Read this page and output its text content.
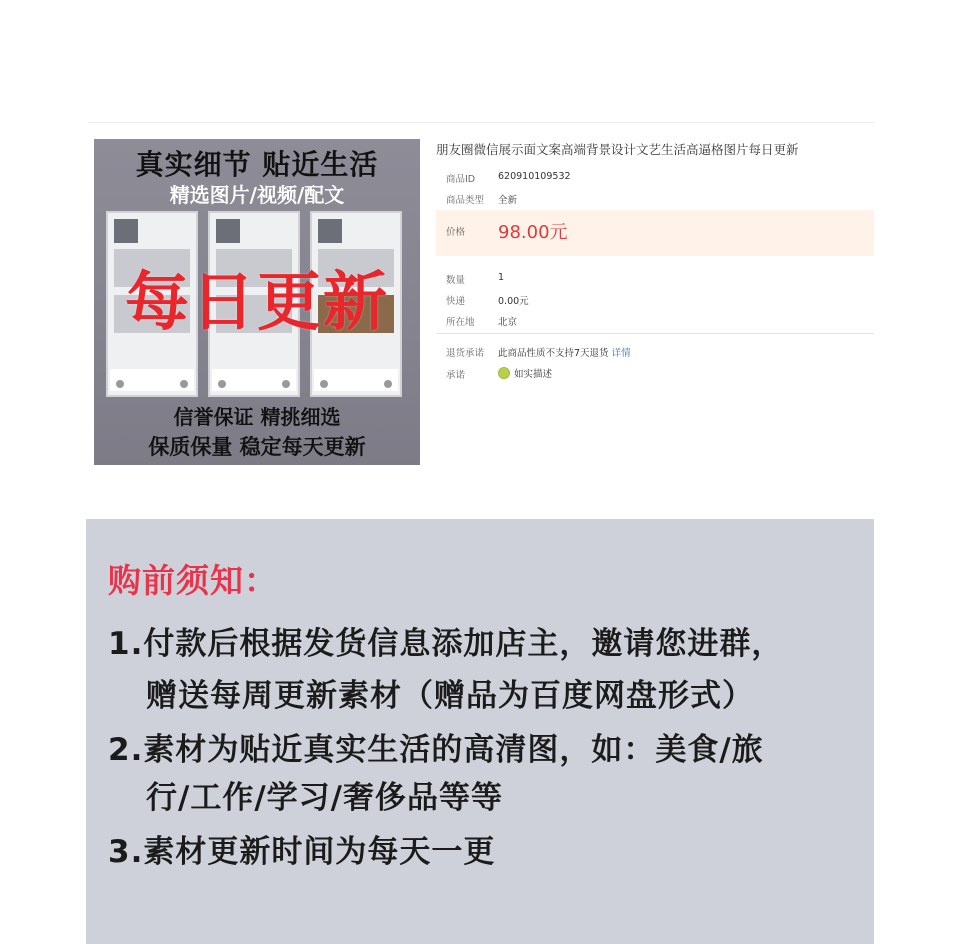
真实细节 贴近生活
精选图片/视频/配文
每日更新
信誉保证 精挑细选
保质保量 稳定每天更新
朋友圈微信展示面文案高端背景设计文艺生活高逼格图片每日更新
商品ID 620910109532
商品类型 全新
价格 98.00元
数量	1
快递	0.00元
所在地 北京
退货承诺 此商品性质不支持7天退货 详情
承诺	如实描述
购前须知：
1.付款后根据发货信息添加店主，邀请您进群，
赠送每周更新素材（赠品为百度网盘形式）
2.素材为贴近真实生活的高清图，如：美食/旅
行/工作/学习/奢侈品等等
3.素材更新时间为每天一更
